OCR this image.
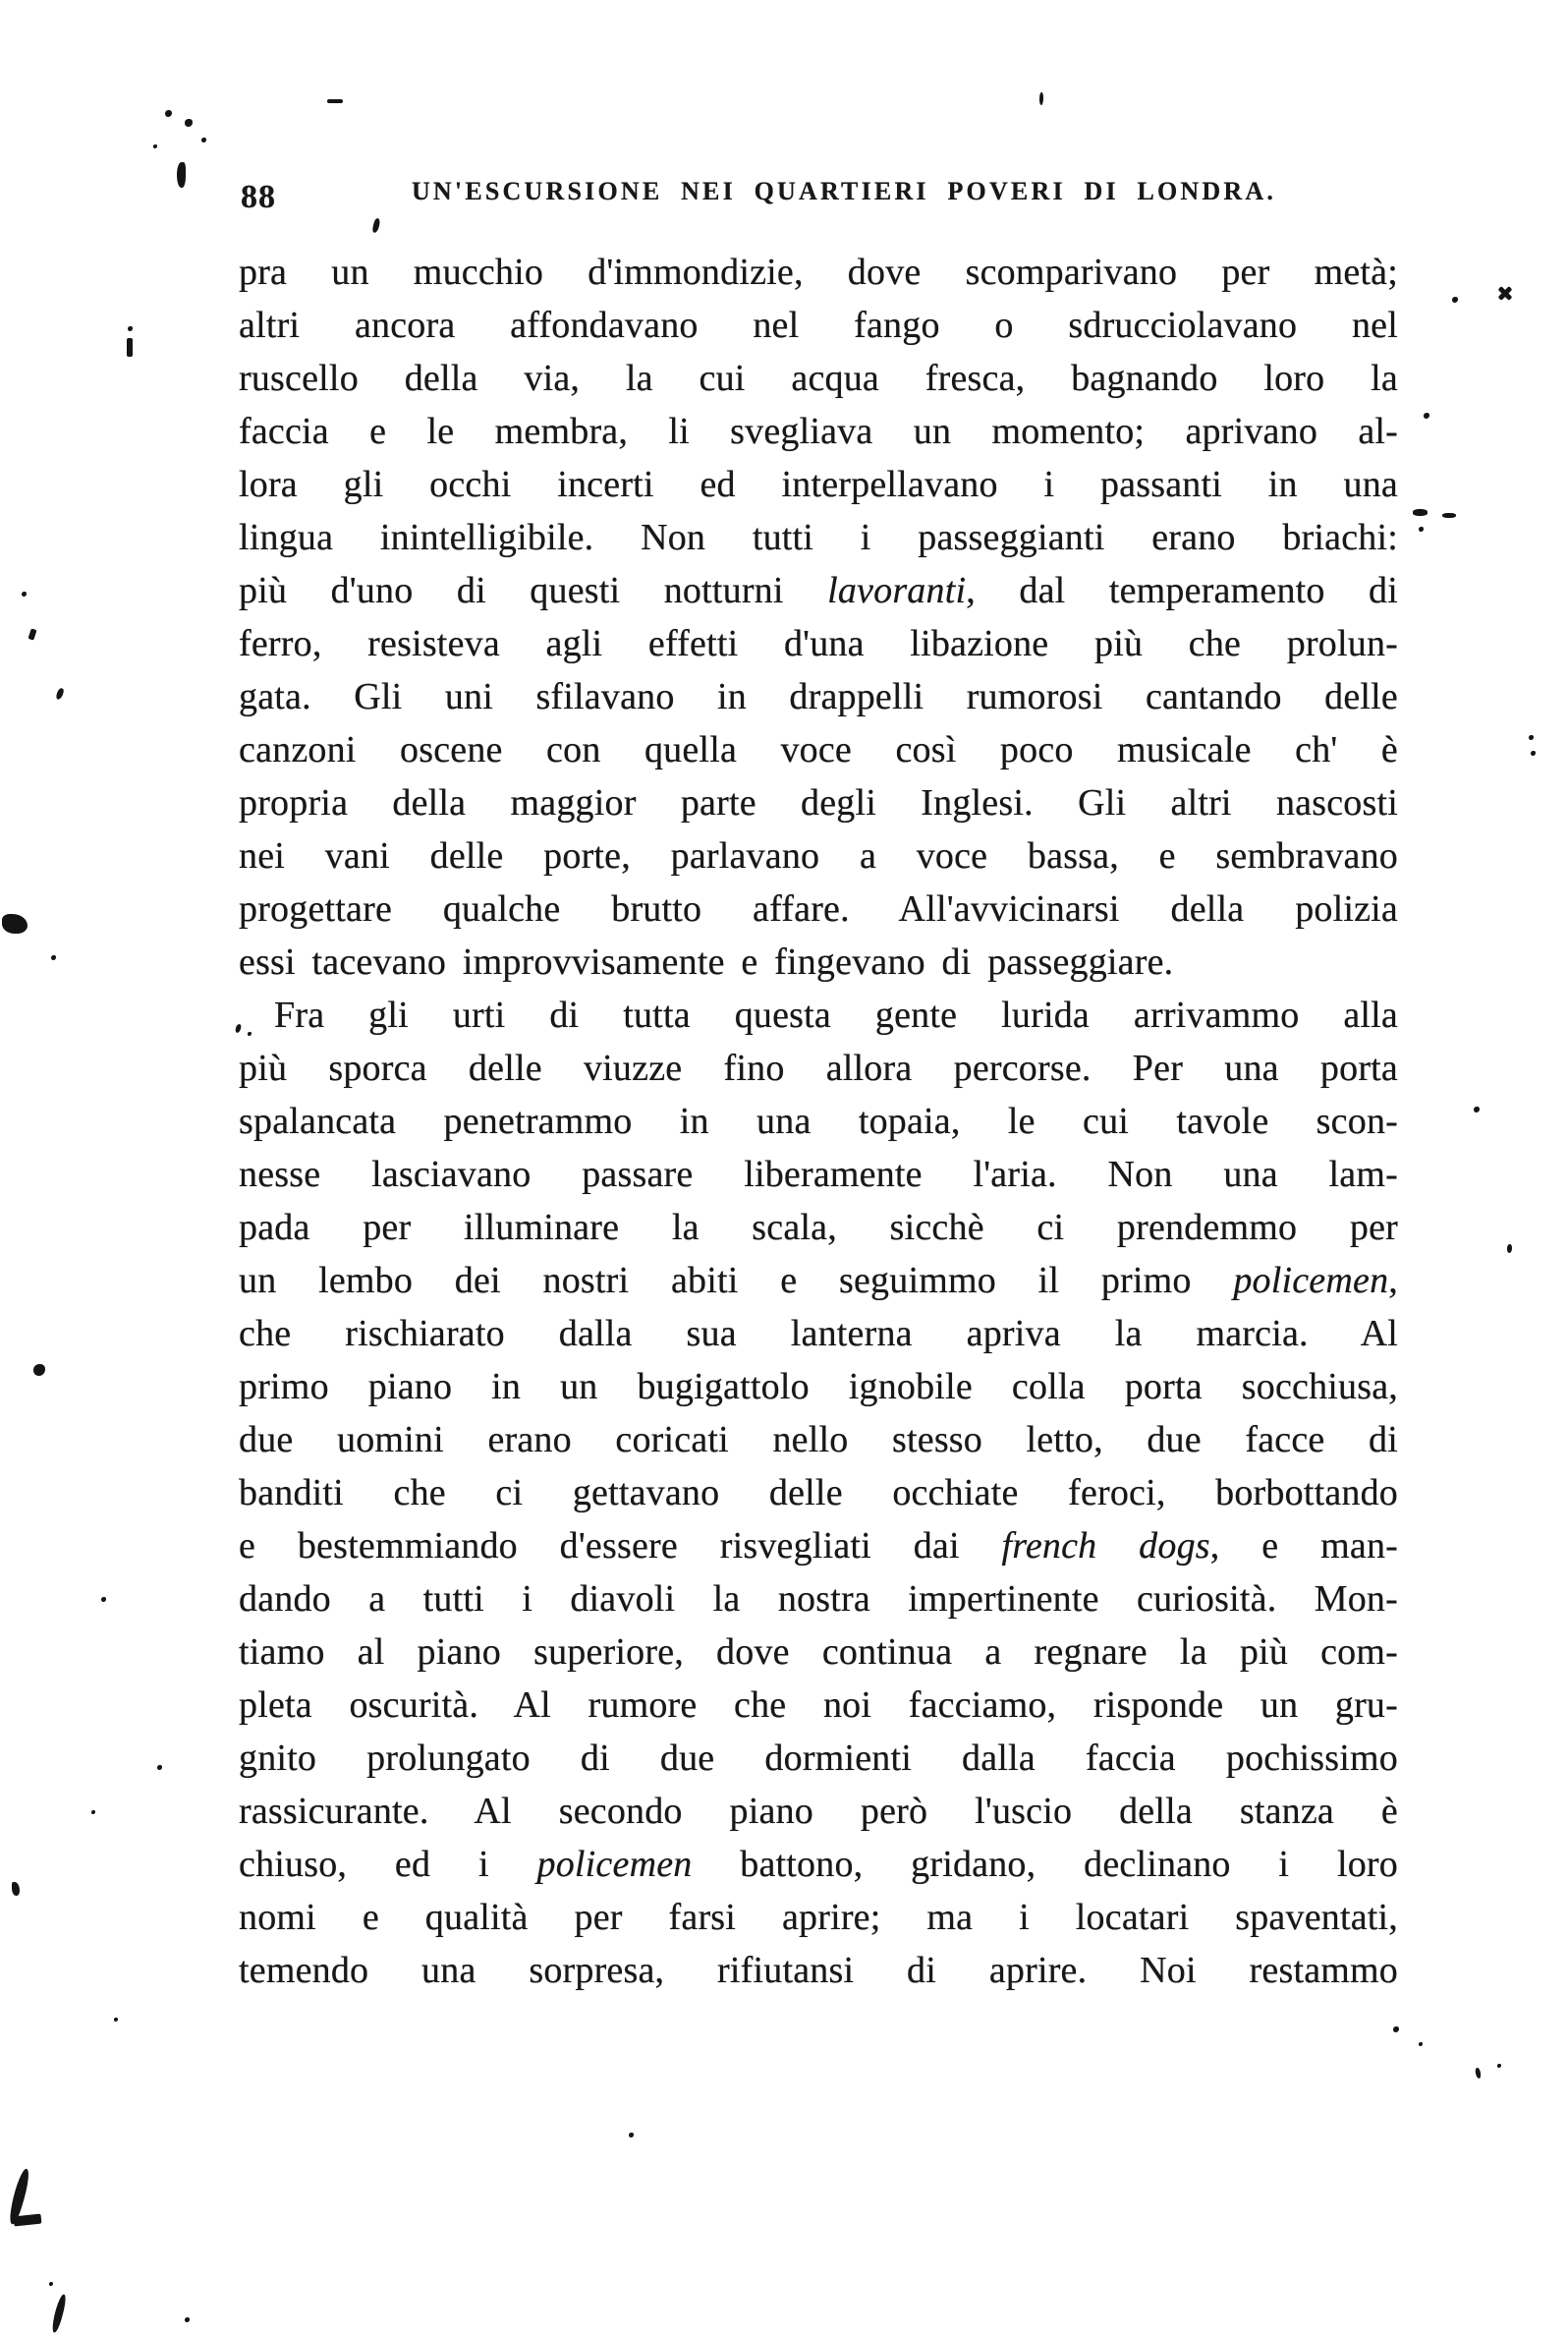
88	UN'ESCURSIONE NEI QUARTIERI POVERI DI LONDRA.
pra un mucchio d'immondizie, dove scomparivano per metà;
altri ancora affondavano nel fango o sdrucciolavano nel
ruscello della via, la cui acqua fresca, bagnando loro la
faccia e le membra, li svegliava un momento; aprivano al-
lora gli occhi incerti ed interpellavano i passanti in una
lingua inintelligibile. Non tutti i passeggianti erano briachi:
più d'uno di questi notturni lavoranti, dal temperamento di
ferro, resisteva agli effetti d'una libazione più che prolun-
gata. Gli uni sfilavano in drappelli rumorosi cantando delle
canzoni oscene con quella voce così poco musicale ch' è
propria della maggior parte degli Inglesi. Gli altri nascosti
nei vani delle porte, parlavano a voce bassa, e sembravano
progettare qualche brutto affare. All'avvicinarsi della polizia
essi tacevano improvvisamente e fingevano di passeggiare.
Fra gli urti di tutta questa gente lurida arrivammo alla
più sporca delle viuzze fino allora percorse. Per una porta
spalancata penetrammo in una topaia, le cui tavole scon-
nesse lasciavano passare liberamente l'aria. Non una lam-
pada per illuminare la scala, sicchè ci prendemmo per
un lembo dei nostri abiti e seguimmo il primo policemen,
che rischiarato dalla sua lanterna apriva la marcia. Al
primo piano in un bugigattolo ignobile colla porta socchiusa,
due uomini erano coricati nello stesso letto, due facce di
banditi che ci gettavano delle occhiate feroci, borbottando
e bestemmiando d'essere risvegliati dai french dogs, e man-
dando a tutti i diavoli la nostra impertinente curiosità. Mon-
tiamo al piano superiore, dove continua a regnare la più com-
pleta oscurità. Al rumore che noi facciamo, risponde un gru-
gnito prolungato di due dormienti dalla faccia pochissimo
rassicurante. Al secondo piano però l'uscio della stanza è
chiuso, ed i policemen battono, gridano, declinano i loro
nomi e qualità per farsi aprire; ma i locatari spaventati,
temendo una sorpresa, rifiutansi di aprire. Noi restammo
